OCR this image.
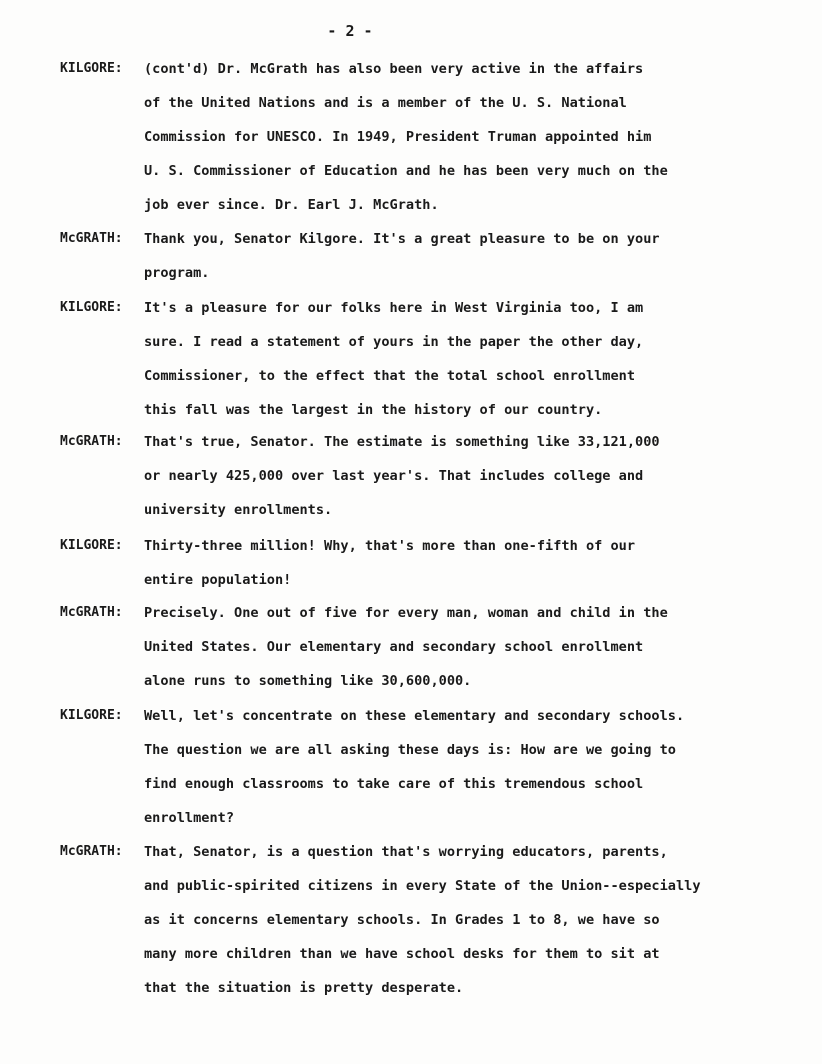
- 2 -
KILGORE:	(cont'd) Dr. McGrath has also been very active in the affairs
of the United Nations and is a member of the U. S. National
Commission for UNESCO. In 1949, President Truman appointed him
U. S. Commissioner of Education and he has been very much on the
job ever since. Dr. Earl J. McGrath.
McGRATH:	Thank you, Senator Kilgore. It's a great pleasure to be on your
program.
KILGORE:	It's a pleasure for our folks here in West Virginia too, I am
sure. I read a statement of yours in the paper the other day,
Commissioner, to the effect that the total school enrollment
this fall was the largest in the history of our country.
McGRATH:	That's true, Senator. The estimate is something like 33,121,000
or nearly 425,000 over last year's. That includes college and
university enrollments.
KILGORE:	Thirty-three million! Why, that's more than one-fifth of our
entire population!
McGRATH:	Precisely. One out of five for every man, woman and child in the
United States. Our elementary and secondary school enrollment
alone runs to something like 30,600,000.
KILGORE:	Well, let's concentrate on these elementary and secondary schools.
The question we are all asking these days is: How are we going to
find enough classrooms to take care of this tremendous school
enrollment?
McGRATH:	That, Senator, is a question that's worrying educators, parents,
and public-spirited citizens in every State of the Union--especially
as it concerns elementary schools. In Grades 1 to 8, we have so
many more children than we have school desks for them to sit at
that the situation is pretty desperate.
